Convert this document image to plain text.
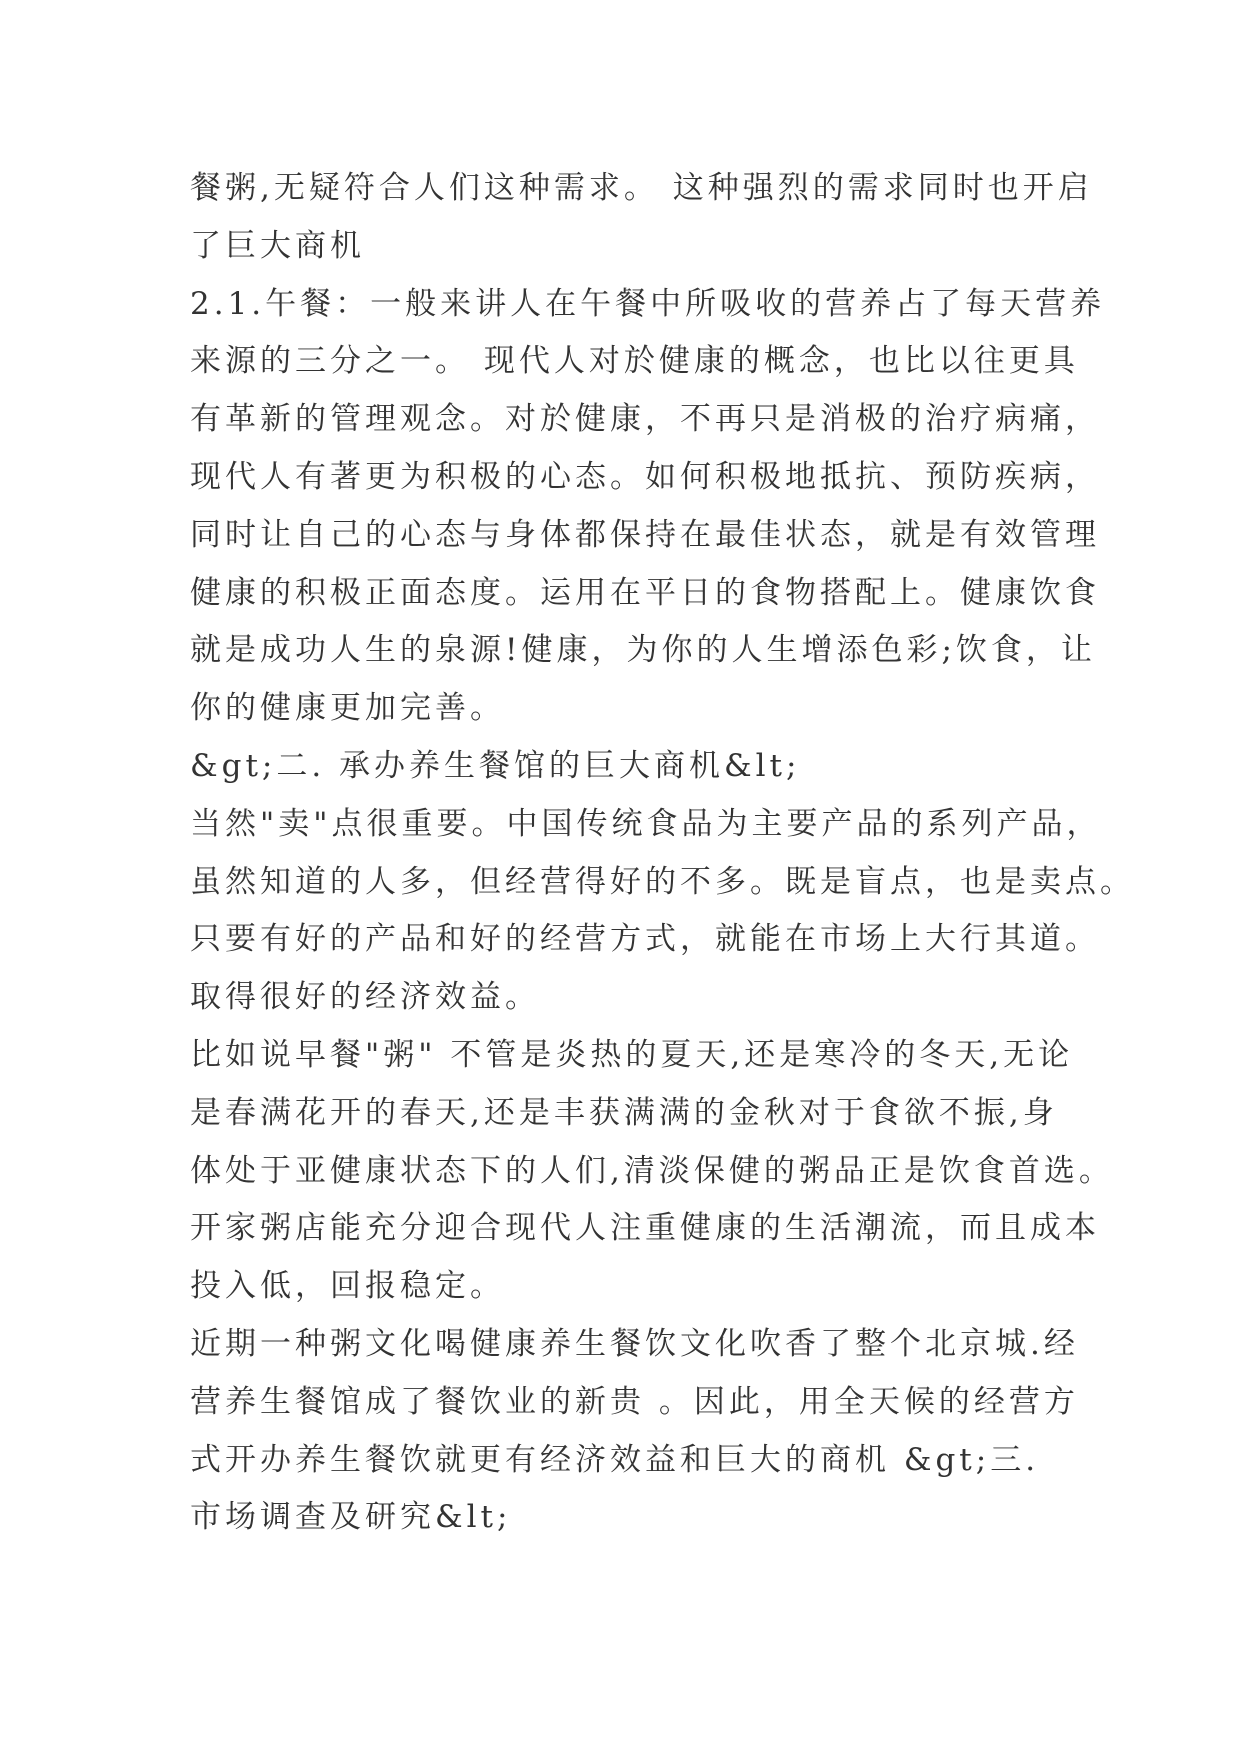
餐粥,无疑符合人们这种需求。 这种强烈的需求同时也开启
了巨大商机
2.1.午餐：一般来讲人在午餐中所吸收的营养占了每天营养
来源的三分之一。 现代人对於健康的概念，也比以往更具
有革新的管理观念。对於健康，不再只是消极的治疗病痛，
现代人有著更为积极的心态。如何积极地抵抗、预防疾病，
同时让自己的心态与身体都保持在最佳状态，就是有效管理
健康的积极正面态度。运用在平日的食物搭配上。健康饮食
就是成功人生的泉源!健康，为你的人生增添色彩;饮食，让
你的健康更加完善。
&gt;二. 承办养生餐馆的巨大商机&lt;
当然"卖"点很重要。中国传统食品为主要产品的系列产品，
虽然知道的人多，但经营得好的不多。既是盲点，也是卖点。
只要有好的产品和好的经营方式，就能在市场上大行其道。
取得很好的经济效益。
比如说早餐"粥" 不管是炎热的夏天,还是寒冷的冬天,无论
是春满花开的春天,还是丰获满满的金秋对于食欲不振,身
体处于亚健康状态下的人们,清淡保健的粥品正是饮食首选。
开家粥店能充分迎合现代人注重健康的生活潮流，而且成本
投入低，回报稳定。
近期一种粥文化喝健康养生餐饮文化吹香了整个北京城.经
营养生餐馆成了餐饮业的新贵 。因此，用全天候的经营方
式开办养生餐饮就更有经济效益和巨大的商机 &gt;三.
市场调查及研究&lt;
